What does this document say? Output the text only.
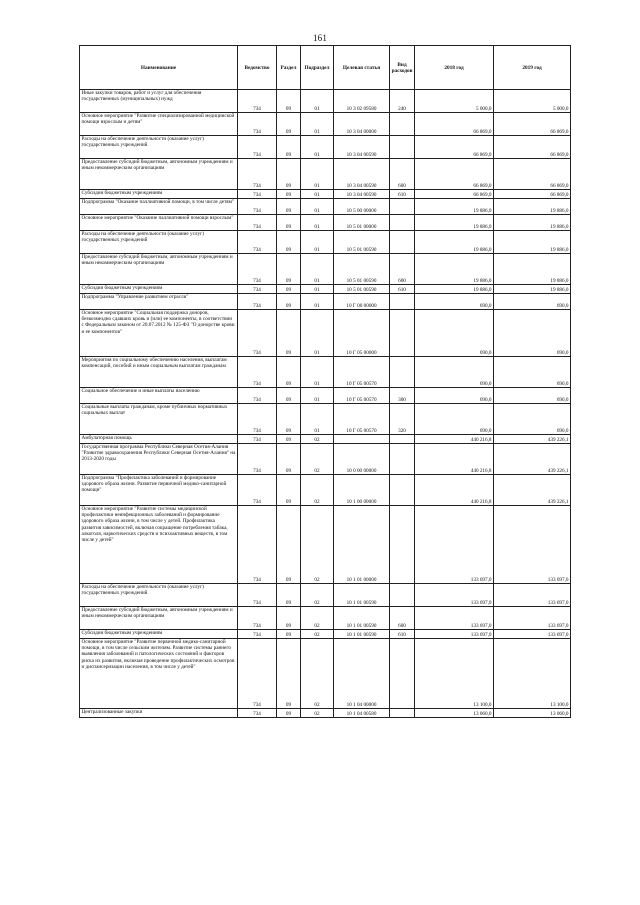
161
Наименование	Ведомство	Раздел	Подраздел	Целевая статья	Вид расходов	2018 год	2019 год
Иные закупки товаров, работ и услуг для обеспечения государственных (муниципальных) нужд	734	09	01	10 3 02 09580	240	5 000,0	5 000,0
Основное мероприятие "Развитие специализированной медицинской помощи взрослым и детям"	734	09	01	10 3 04 00000		66 869,0	66 869,0
Расходы на обеспечение деятельности (оказание услуг) государственных учреждений	734	09	01	10 3 04 00590		66 869,0	66 869,0
Предоставление субсидий бюджетным, автономным учреждениям и иным некоммерческим организациям	734	09	01	10 3 04 00590	600	66 869,0	66 869,0
Субсидии бюджетным учреждениям	734	09	01	10 3 04 00590	610	66 869,0	66 869,0
Подпрограмма "Оказание паллиативной помощи, в том числе детям"	734	09	01	10 5 00 00000		19 886,0	19 886,0
Основное мероприятие "Оказание паллиативной помощи взрослым"	734	09	01	10 5 01 00000		19 886,0	19 886,0
Расходы на обеспечение деятельности (оказание услуг) государственных учреждений	734	09	01	10 5 01 00590		19 886,0	19 886,0
Предоставление субсидий бюджетным, автономным учреждениям и иным некоммерческим организациям	734	09	01	10 5 01 00590	600	19 886,0	19 886,0
Субсидии бюджетным учреждениям	734	09	01	10 5 01 00590	610	19 886,0	19 886,0
Подпрограмма "Управление развитием отрасли"	734	09	01	10 Г 00 00000		690,0	690,0
Основное мероприятие "Социальная поддержка доноров, безвозмездно сдавших кровь и (или) ее компоненты, в соответствии с Федеральным законом от 20.07.2012 № 125-ФЗ "О донорстве крови и ее компонентов"	734	09	01	10 Г 05 00000		690,0	690,0
Мероприятия по социальному обеспечению населения, выплатам компенсаций, пособий и иным социальным выплатам гражданам	734	09	01	10 Г 05 00570		690,0	690,0
Социальное обеспечение и иные выплаты населению	734	09	01	10 Г 05 00570	300	690,0	690,0
Социальные выплаты гражданам, кроме публичных нормативных социальных выплат	734	09	01	10 Г 05 00570	320	690,0	690,0
Амбулаторная помощь	734	09	02			440 216,8	439 226,1
Государственная программа Республики Северная Осетия-Алания "Развитие здравоохранения Республики Северная Осетия-Алания" на 2013-2020 годы	734	09	02	10 0 00 00000		440 216,8	439 226,1
Подпрограмма "Профилактика заболеваний и формирование здорового образа жизни. Развитие первичной медико-санитарной помощи"	734	09	02	10 1 00 00000		440 216,8	439 226,1
Основное мероприятие "Развитие системы медицинской профилактики неинфекционных заболеваний и формирование здорового образа жизни, в том числе у детей. Профилактика развития зависимостей, включая сокращение потребления табака, алкоголя, наркотических средств и психоактивных веществ, в том числе у детей"	734	09	02	10 1 01 00000		133 697,0	133 697,0
Расходы на обеспечение деятельности (оказание услуг) государственных учреждений	734	09	02	10 1 01 00590		133 697,0	133 697,0
Предоставление субсидий бюджетным, автономным учреждениям и иным некоммерческим организациям	734	09	02	10 1 01 00590	600	133 697,0	133 697,0
Субсидии бюджетным учреждениям	734	09	02	10 1 01 00590	610	133 697,0	133 697,0
Основное мероприятие "Развитие первичной медико-санитарной помощи, в том числе сельским жителям. Развитие системы раннего выявления заболеваний и патологических состояний и факторов риска их развития, включая проведение профилактических осмотров и диспансеризации населения, в том числе у детей"	734	09	02	10 1 04 00000		13 100,0	13 100,0
Централизованные закупки	734	09	02	10 1 04 00580		13 060,0	13 060,0
